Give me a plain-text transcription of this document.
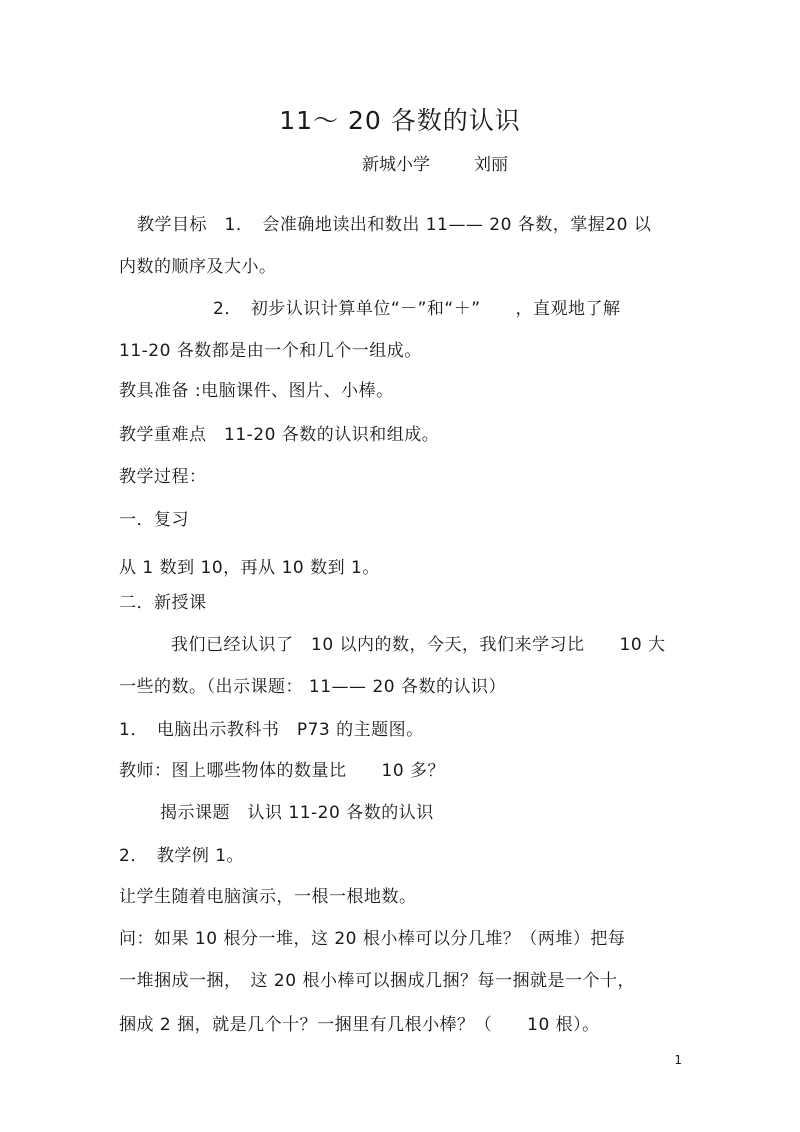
11～ 20 各数的认识
新城小学	刘丽
教学目标　1．　会准确地读出和数出 11—— 20 各数，掌握20 以
内数的顺序及大小。
2．　初步认识计算单位“－”和“＋”　　，直观地了解
11-20 各数都是由一个和几个一组成。
教具准备 :电脑课件、图片、小棒。
教学重难点　11-20 各数的认识和组成。
教学过程：
一．复习
从 1 数到 10，再从 10 数到 1。
二．新授课
我们已经认识了　10 以内的数，今天，我们来学习比　　10 大
一些的数。（出示课题： 11—— 20 各数的认识）
1．　电脑出示教科书　P73 的主题图。
教师：图上哪些物体的数量比　　10 多？
揭示课题　认识 11-20 各数的认识
2．　教学例 1。
让学生随着电脑演示，一根一根地数。
问：如果 10 根分一堆，这 20 根小棒可以分几堆？（两堆）把每
一堆捆成一捆，　这 20 根小棒可以捆成几捆？每一捆就是一个十，
捆成 2 捆，就是几个十？一捆里有几根小棒？（　　10 根）。
1
